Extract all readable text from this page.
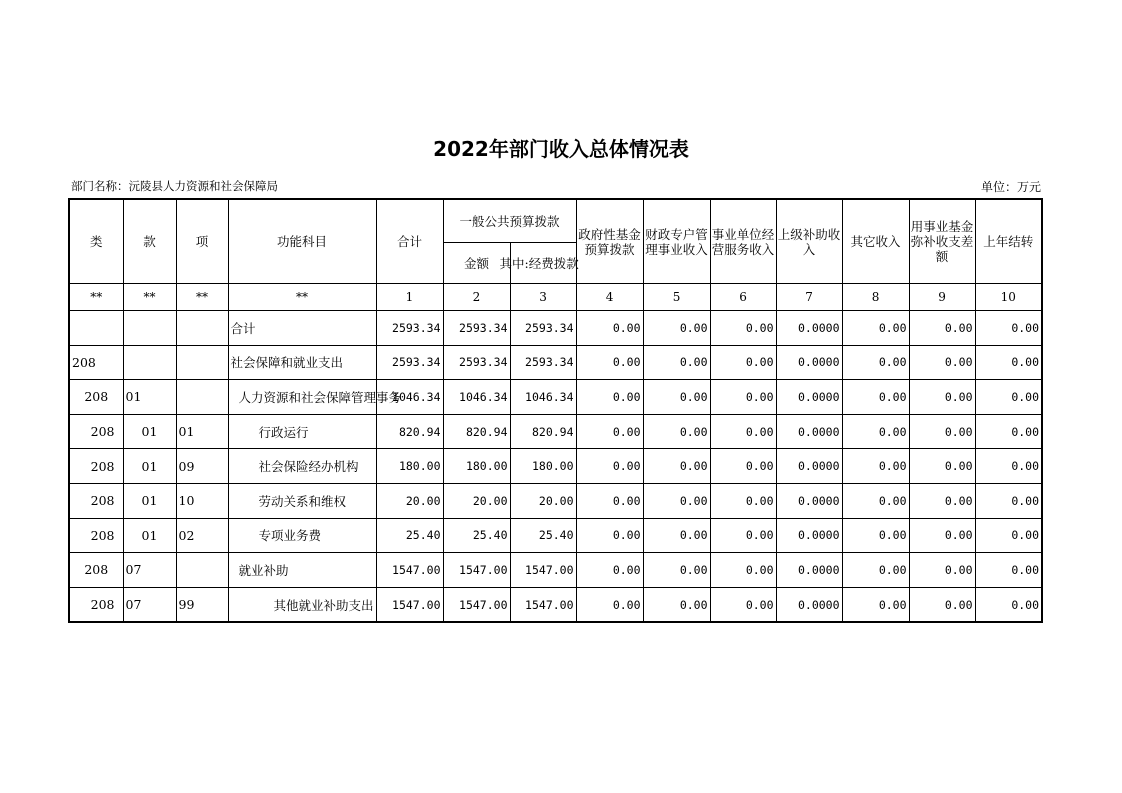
2022年部门收入总体情况表
部门名称：沅陵县人力资源和社会保障局	单位：万元
类	款	项	功能科目	合计	一般公共预算拨款		政府性基金预算拨款	财政专户管理事业收入	事业单位经营服务收入	上级补助收入	其它收入	用事业基金弥补收支差额	上年结转
					金额	其中:经费拨款							

**	**	**	**	1	2	3	4	5	6	7	8	9	10
			合计	2593.34	2593.34	2593.34	0.00	0.00	0.00	0.0000	0.00	0.00	0.00
208			社会保障和就业支出	2593.34	2593.34	2593.34	0.00	0.00	0.00	0.0000	0.00	0.00	0.00
208	01		人力资源和社会保障管理事务	1046.34	1046.34	1046.34	0.00	0.00	0.00	0.0000	0.00	0.00	0.00
208	01	01	行政运行	820.94	820.94	820.94	0.00	0.00	0.00	0.0000	0.00	0.00	0.00
208	01	09	社会保险经办机构	180.00	180.00	180.00	0.00	0.00	0.00	0.0000	0.00	0.00	0.00
208	01	10	劳动关系和维权	20.00	20.00	20.00	0.00	0.00	0.00	0.0000	0.00	0.00	0.00
208	01	02	专项业务费	25.40	25.40	25.40	0.00	0.00	0.00	0.0000	0.00	0.00	0.00
208	07		就业补助	1547.00	1547.00	1547.00	0.00	0.00	0.00	0.0000	0.00	0.00	0.00
208	07	99	其他就业补助支出	1547.00	1547.00	1547.00	0.00	0.00	0.00	0.0000	0.00	0.00	0.00
